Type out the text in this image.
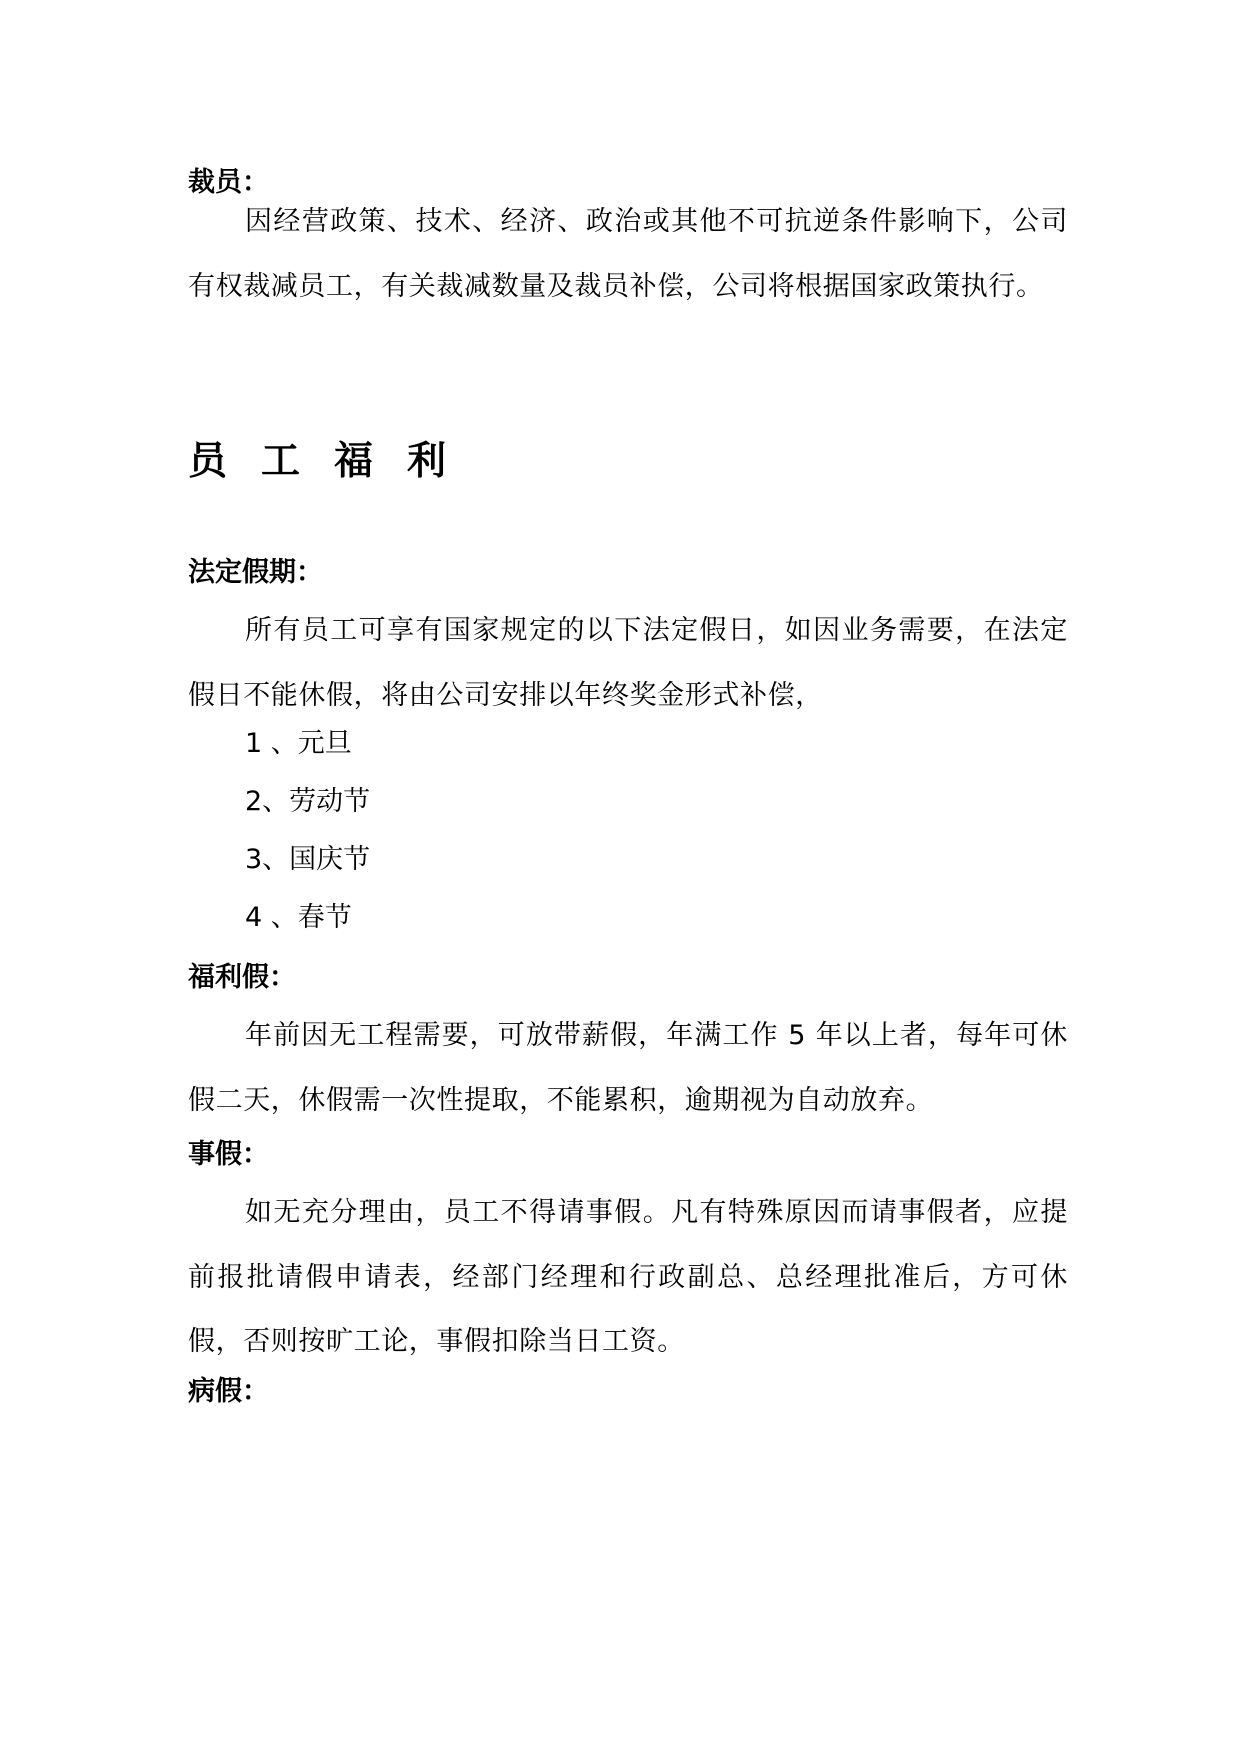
裁员：

因经营政策、技术、经济、政治或其他不可抗逆条件影响下，公司有权裁减员工，有关裁减数量及裁员补偿，公司将根据国家政策执行。

员 工 福 利
法定假期：

所有员工可享有国家规定的以下法定假日，如因业务需要，在法定假日不能休假，将由公司安排以年终奖金形式补偿，

1 、元旦

2、劳动节

3、国庆节

4 、春节

福利假：

年前因无工程需要，可放带薪假，年满工作 5 年以上者，每年可休假二天，休假需一次性提取，不能累积，逾期视为自动放弃。

事假：

如无充分理由，员工不得请事假。凡有特殊原因而请事假者，应提前报批请假申请表，经部门经理和行政副总、总经理批准后，方可休假，否则按旷工论，事假扣除当日工资。

病假：
